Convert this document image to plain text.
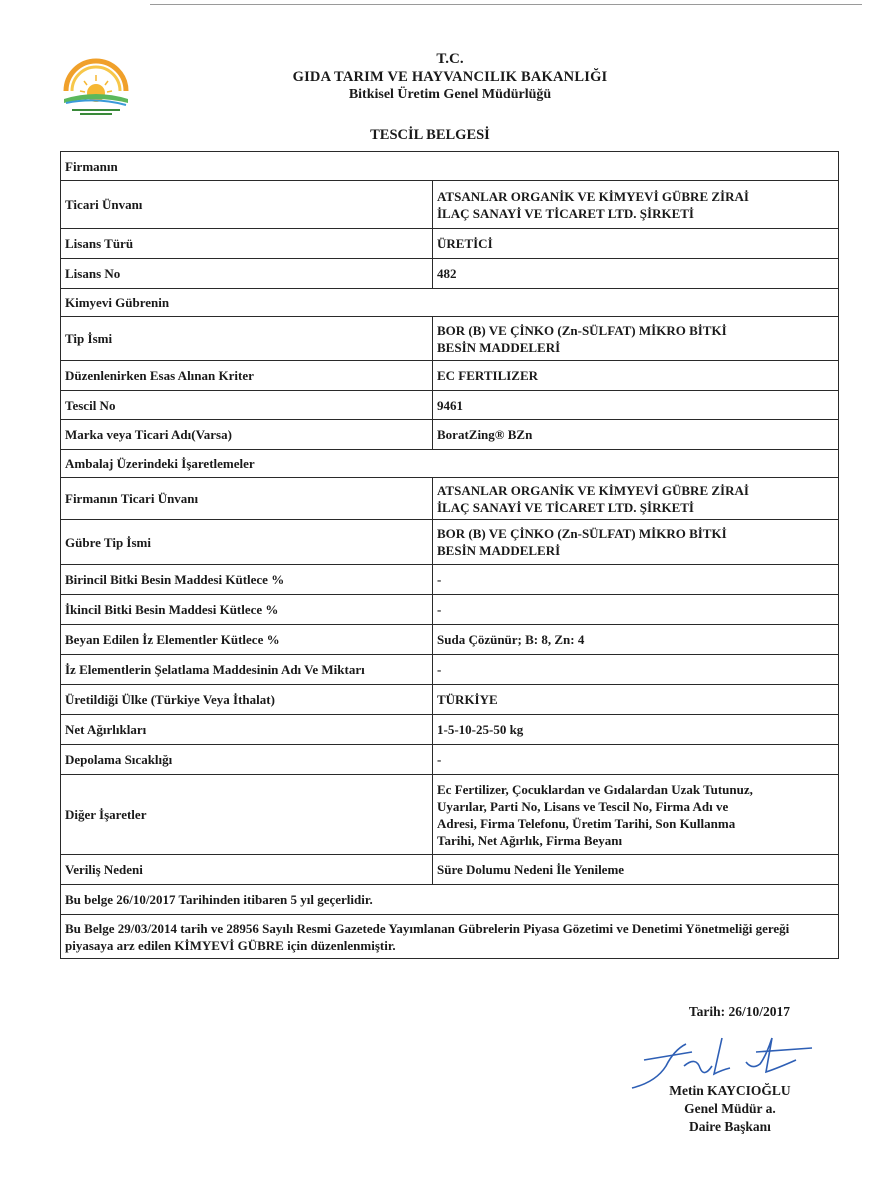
T.C.
GIDA TARIM VE HAYVANCILIK BAKANLIĞI
Bitkisel Üretim Genel Müdürlüğü
TESCİL BELGESİ
Firmanın	
Ticari Ünvanı	ATSANLAR ORGANİK VE KİMYEVİ GÜBRE ZİRAİ
İLAÇ SANAYİ VE TİCARET LTD. ŞİRKETİ

Lisans Türü	ÜRETİCİ
Lisans No	482
Kimyevi Gübrenin	
Tip İsmi	BOR (B) VE ÇİNKO (Zn-SÜLFAT) MİKRO BİTKİ
BESİN MADDELERİ

Düzenlenirken Esas Alınan Kriter	EC FERTILIZER
Tescil No	9461
Marka veya Ticari Adı(Varsa)	BoratZing® BZn
Ambalaj Üzerindeki İşaretlemeler	
Firmanın Ticari Ünvanı	ATSANLAR ORGANİK VE KİMYEVİ GÜBRE ZİRAİ
İLAÇ SANAYİ VE TİCARET LTD. ŞİRKETİ

Gübre Tip İsmi	BOR (B) VE ÇİNKO (Zn-SÜLFAT) MİKRO BİTKİ
BESİN MADDELERİ

Birincil Bitki Besin Maddesi Kütlece %	-
İkincil Bitki Besin Maddesi Kütlece %	-
Beyan Edilen İz Elementler Kütlece %	Suda Çözünür; B: 8, Zn: 4
İz Elementlerin Şelatlama Maddesinin Adı Ve Miktarı	-
Üretildiği Ülke (Türkiye Veya İthalat)	TÜRKİYE
Net Ağırlıkları	1-5-10-25-50 kg
Depolama Sıcaklığı	-
Diğer İşaretler	Ec Fertilizer, Çocuklardan ve Gıdalardan Uzak Tutunuz,
Uyarılar, Parti No, Lisans ve Tescil No, Firma Adı ve
Adresi, Firma Telefonu, Üretim Tarihi, Son Kullanma
Tarihi, Net Ağırlık, Firma Beyanı

Veriliş Nedeni	Süre Dolumu Nedeni İle Yenileme
Bu belge 26/10/2017 Tarihinden itibaren 5 yıl geçerlidir.	
Bu Belge 29/03/2014 tarih ve 28956 Sayılı Resmi Gazetede Yayımlanan Gübrelerin Piyasa Gözetimi ve Denetimi Yönetmeliği gereği piyasaya arz edilen KİMYEVİ GÜBRE için düzenlenmiştir.	
Tarih: 26/10/2017
Metin KAYCIOĞLU
Genel Müdür a.
Daire Başkanı
